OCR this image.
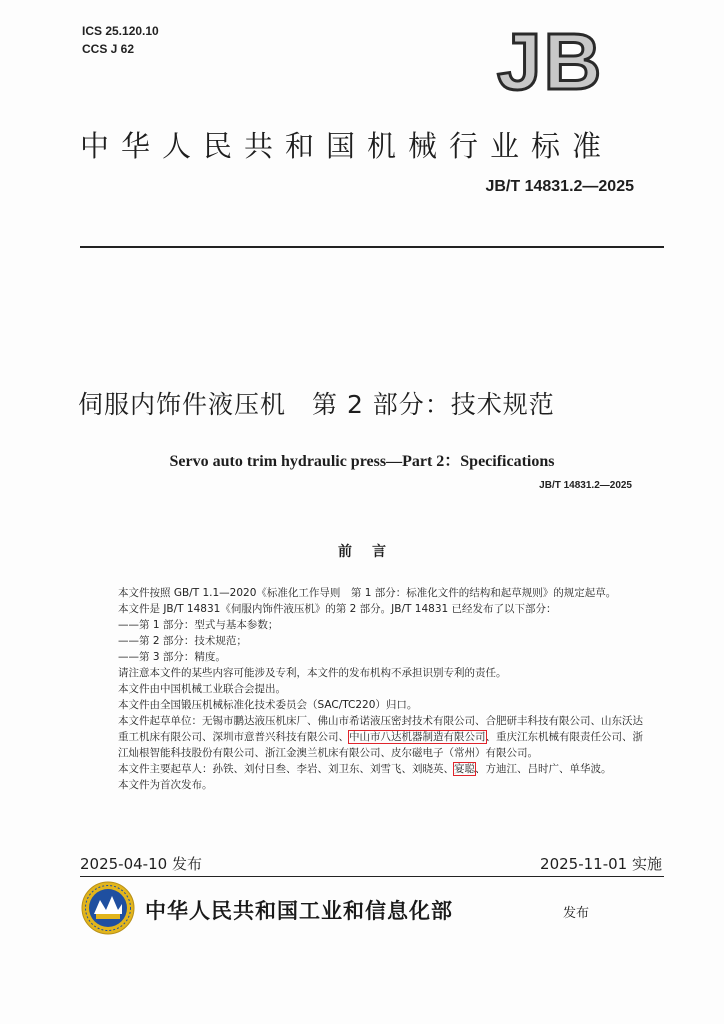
ICS 25.120.10
CCS J 62	JB
中华人民共和国机械行业标准
JB/T 14831.2—2025
伺服内饰件液压机　第 2 部分：技术规范
Servo auto trim hydraulic press—Part 2：Specifications
JB/T 14831.2—2025
前言

本文件按照 GB/T 1.1—2020《标准化工作导则　第 1 部分：标准化文件的结构和起草规则》的规定起草。

本文件是 JB/T 14831《伺服内饰件液压机》的第 2 部分。JB/T 14831 已经发布了以下部分：

——第 1 部分：型式与基本参数；

——第 2 部分：技术规范；

——第 3 部分：精度。

请注意本文件的某些内容可能涉及专利，本文件的发布机构不承担识别专利的责任。

本文件由中国机械工业联合会提出。

本文件由全国锻压机械标准化技术委员会（SAC/TC220）归口。

本文件起草单位：无锡市鹏达液压机床厂、佛山市希诺液压密封技术有限公司、合肥研丰科技有限公司、山东沃达重工机床有限公司、深圳市意普兴科技有限公司、中山市八达机器制造有限公司、重庆江东机械有限责任公司、浙江灿根智能科技股份有限公司、浙江金澳兰机床有限公司、皮尔磁电子（常州）有限公司。

本文件主要起草人：孙铁、刘付日叁、李岩、刘卫东、刘雪飞、刘晓英、宴聪、方迪江、吕时广、单华波。

本文件为首次发布。

2025-04-10 发布	2025-11-01 实施
中华人民共和国工业和信息化部	发布
